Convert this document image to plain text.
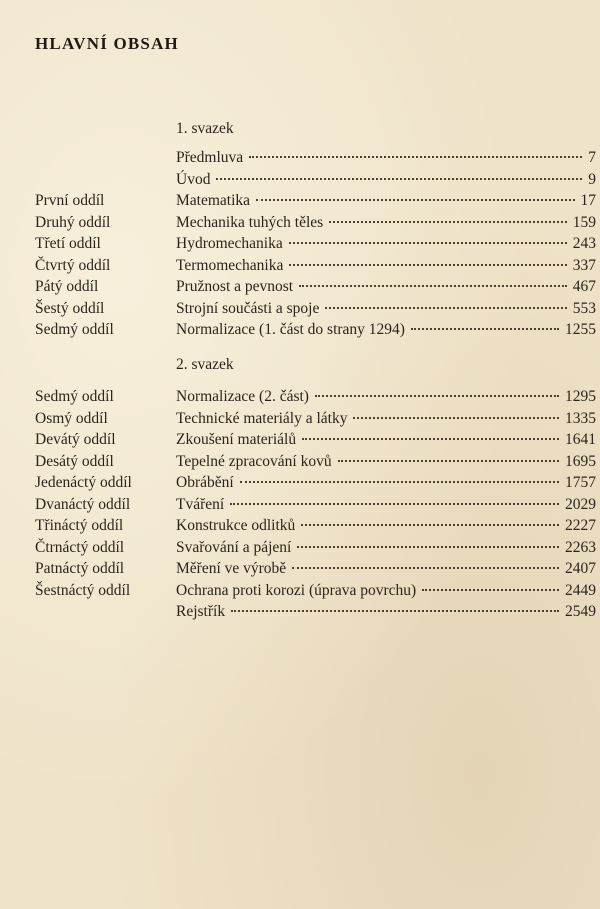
HLAVNÍ OBSAH
1. svazek
Předmluva	7
Úvod	9
První oddíl	Matematika	17
Druhý oddíl	Mechanika tuhých těles	159
Třetí oddíl	Hydromechanika	243
Čtvrtý oddíl	Termomechanika	337
Pátý oddíl	Pružnost a pevnost	467
Šestý oddíl	Strojní součásti a spoje	553
Sedmý oddíl	Normalizace (1. část do strany 1294)	1255
2. svazek
Sedmý oddíl	Normalizace (2. část)	1295
Osmý oddíl	Technické materiály a látky	1335
Devátý oddíl	Zkoušení materiálů	1641
Desátý oddíl	Tepelné zpracování kovů	1695
Jedenáctý oddíl	Obrábění	1757
Dvanáctý oddíl	Tváření	2029
Třináctý oddíl	Konstrukce odlitků	2227
Čtrnáctý oddíl	Svařování a pájení	2263
Patnáctý oddíl	Měření ve výrobě	2407
Šestnáctý oddíl	Ochrana proti korozi (úprava povrchu)	2449
Rejstřík	2549
